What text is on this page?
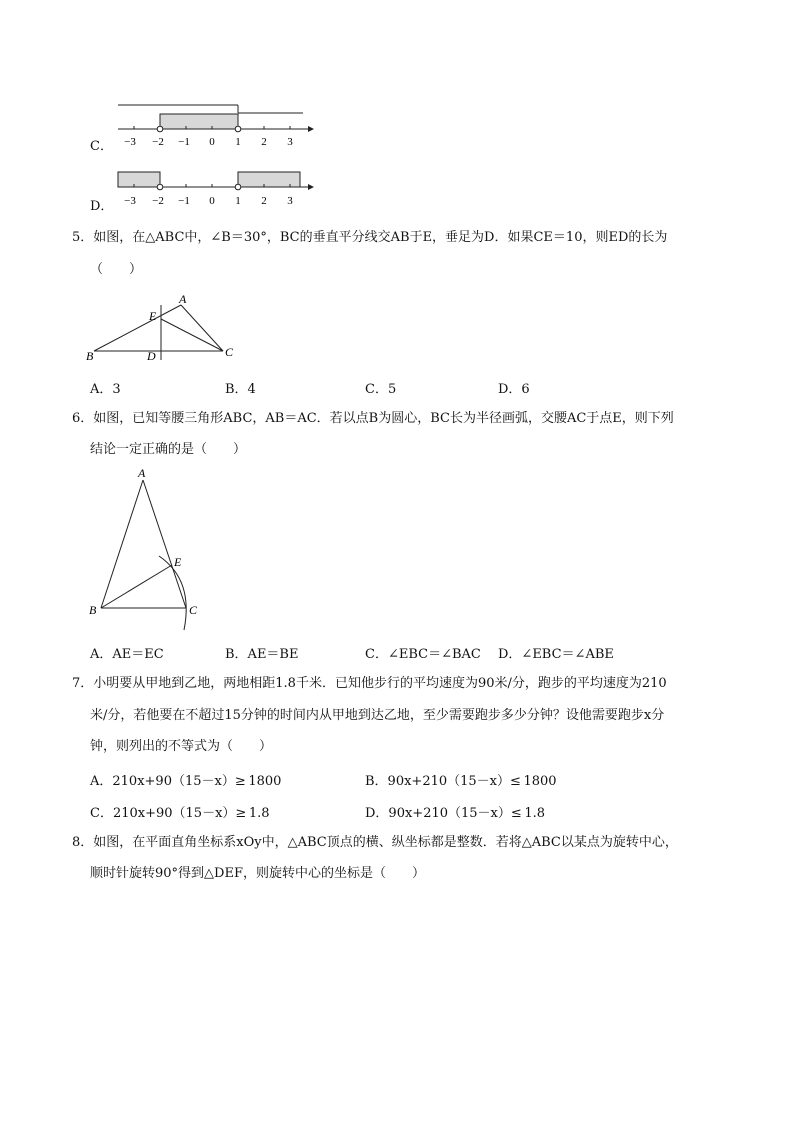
C． −3 −2 −1 0 1 2 3
D． −3 −2 −1 0 1 2 3
5．如图，在△ABC中，∠B＝30°，BC的垂直平分线交AB于E，垂足为D．如果CE＝10，则ED的长为
（　　）
A
B	C
D
E
A．3	B．4	C．5	D．6
6．如图，已知等腰三角形ABC，AB＝AC．若以点B为圆心，BC长为半径画弧，交腰AC于点E，则下列
结论一定正确的是（　　）
A
B	C
E
A．AE＝EC	B．AE＝BE	C．∠EBC＝∠BAC D．∠EBC＝∠ABE
7．小明要从甲地到乙地，两地相距1.8千米．已知他步行的平均速度为90米/分，跑步的平均速度为210
米/分，若他要在不超过15分钟的时间内从甲地到达乙地，至少需要跑步多少分钟？设他需要跑步x分
钟，则列出的不等式为（　　）
A．210x+90（15－x）≥ 1800	B．90x+210（15－x）≤ 1800
C．210x+90（15－x）≥ 1.8	D．90x+210（15－x）≤ 1.8
8．如图，在平面直角坐标系xOy中，△ABC顶点的横、纵坐标都是整数．若将△ABC以某点为旋转中心，
顺时针旋转90°得到△DEF，则旋转中心的坐标是（　　）
